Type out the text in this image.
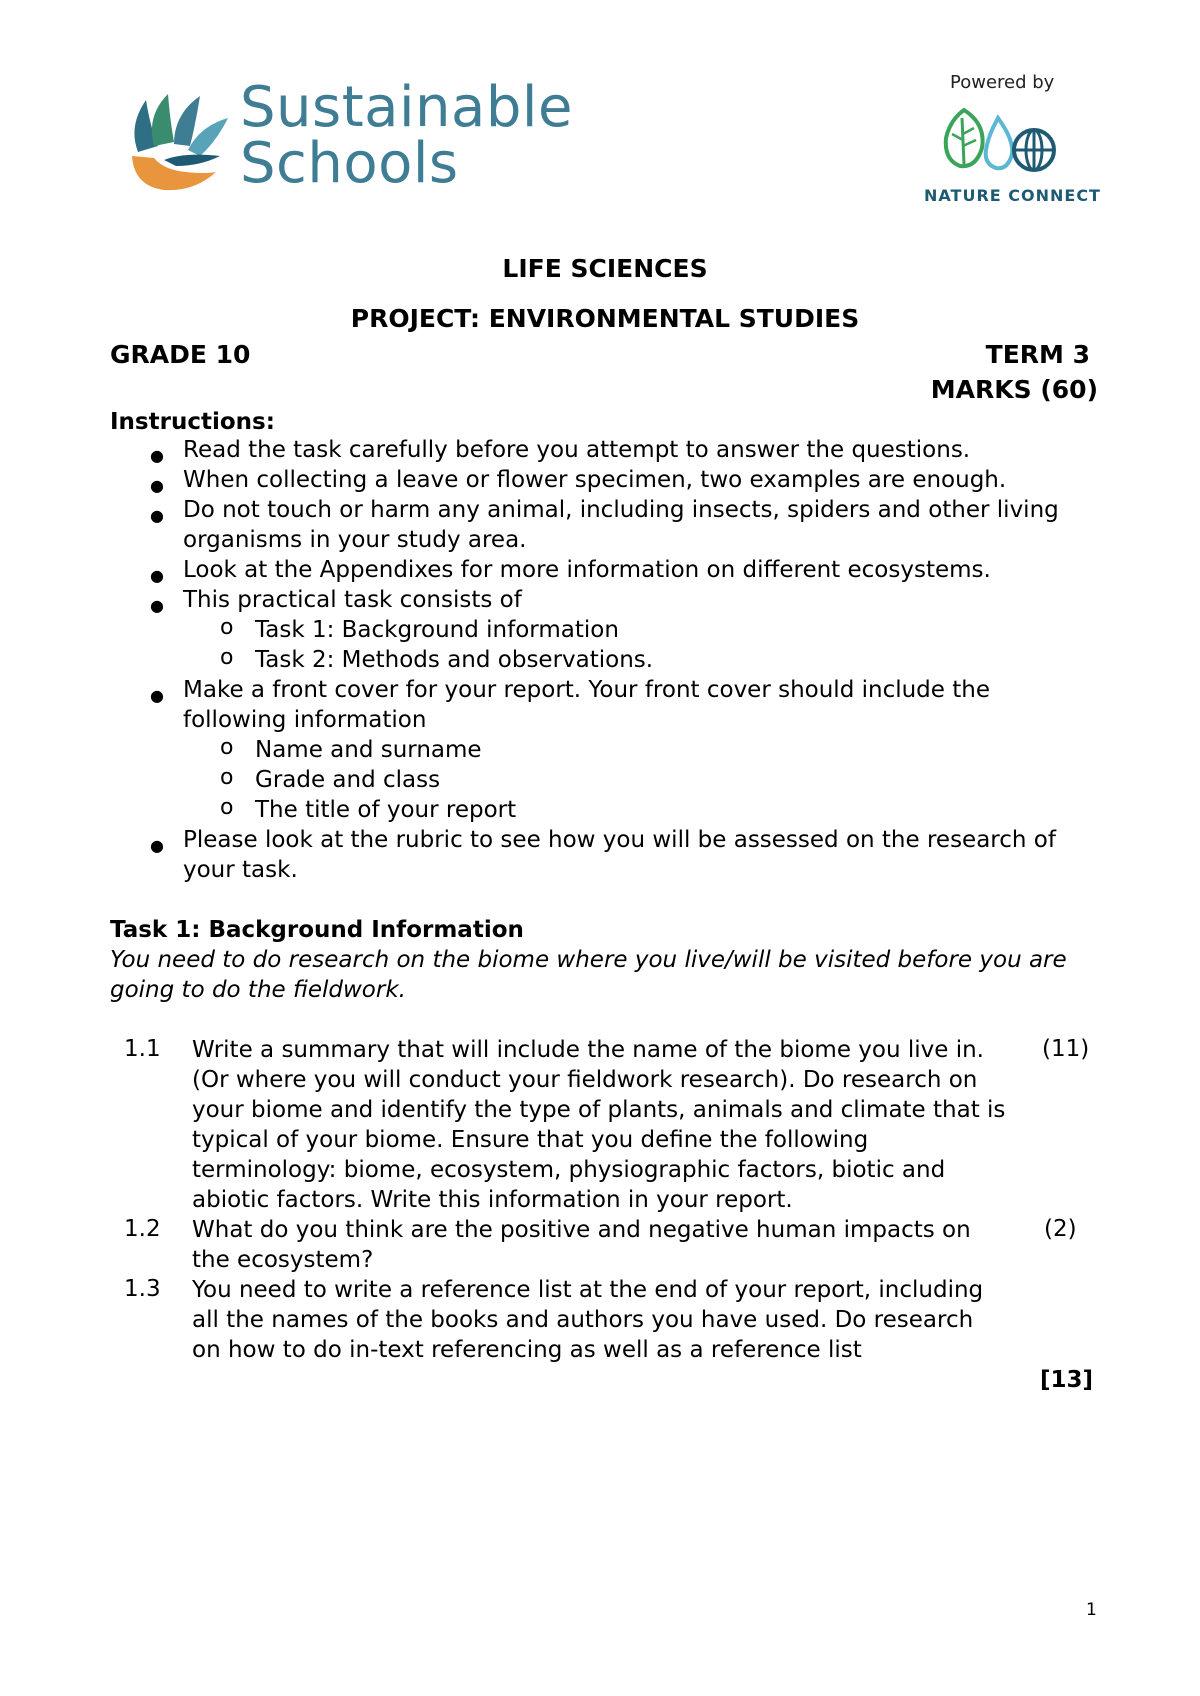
Sustainable
Schools
Powered by
NATURE CONNECT
LIFE SCIENCES
PROJECT: ENVIRONMENTAL STUDIES
GRADE 10	TERM 3
MARKS (60)
Instructions:
● Read the task carefully before you attempt to answer the questions.
● When collecting a leave or flower specimen, two examples are enough.
● Do not touch or harm any animal, including insects, spiders and other living
organisms in your study area.
● Look at the Appendixes for more information on different ecosystems.
● This practical task consists of
o Task 1: Background information
o Task 2: Methods and observations.
● Make a front cover for your report. Your front cover should include the
following information
o Name and surname
o Grade and class
o The title of your report
● Please look at the rubric to see how you will be assessed on the research of
your task.
Task 1: Background Information
You need to do research on the biome where you live/will be visited before you are
going to do the fieldwork.
1.1 Write a summary that will include the name of the biome you live in.
(Or where you will conduct your fieldwork research). Do research on
your biome and identify the type of plants, animals and climate that is
typical of your biome. Ensure that you define the following
terminology: biome, ecosystem, physiographic factors, biotic and
abiotic factors. Write this information in your report.
(11)
1.2 What do you think are the positive and negative human impacts on
the ecosystem?
(2)
1.3 You need to write a reference list at the end of your report, including
all the names of the books and authors you have used. Do research
on how to do in-text referencing as well as a reference list
[13]
1
